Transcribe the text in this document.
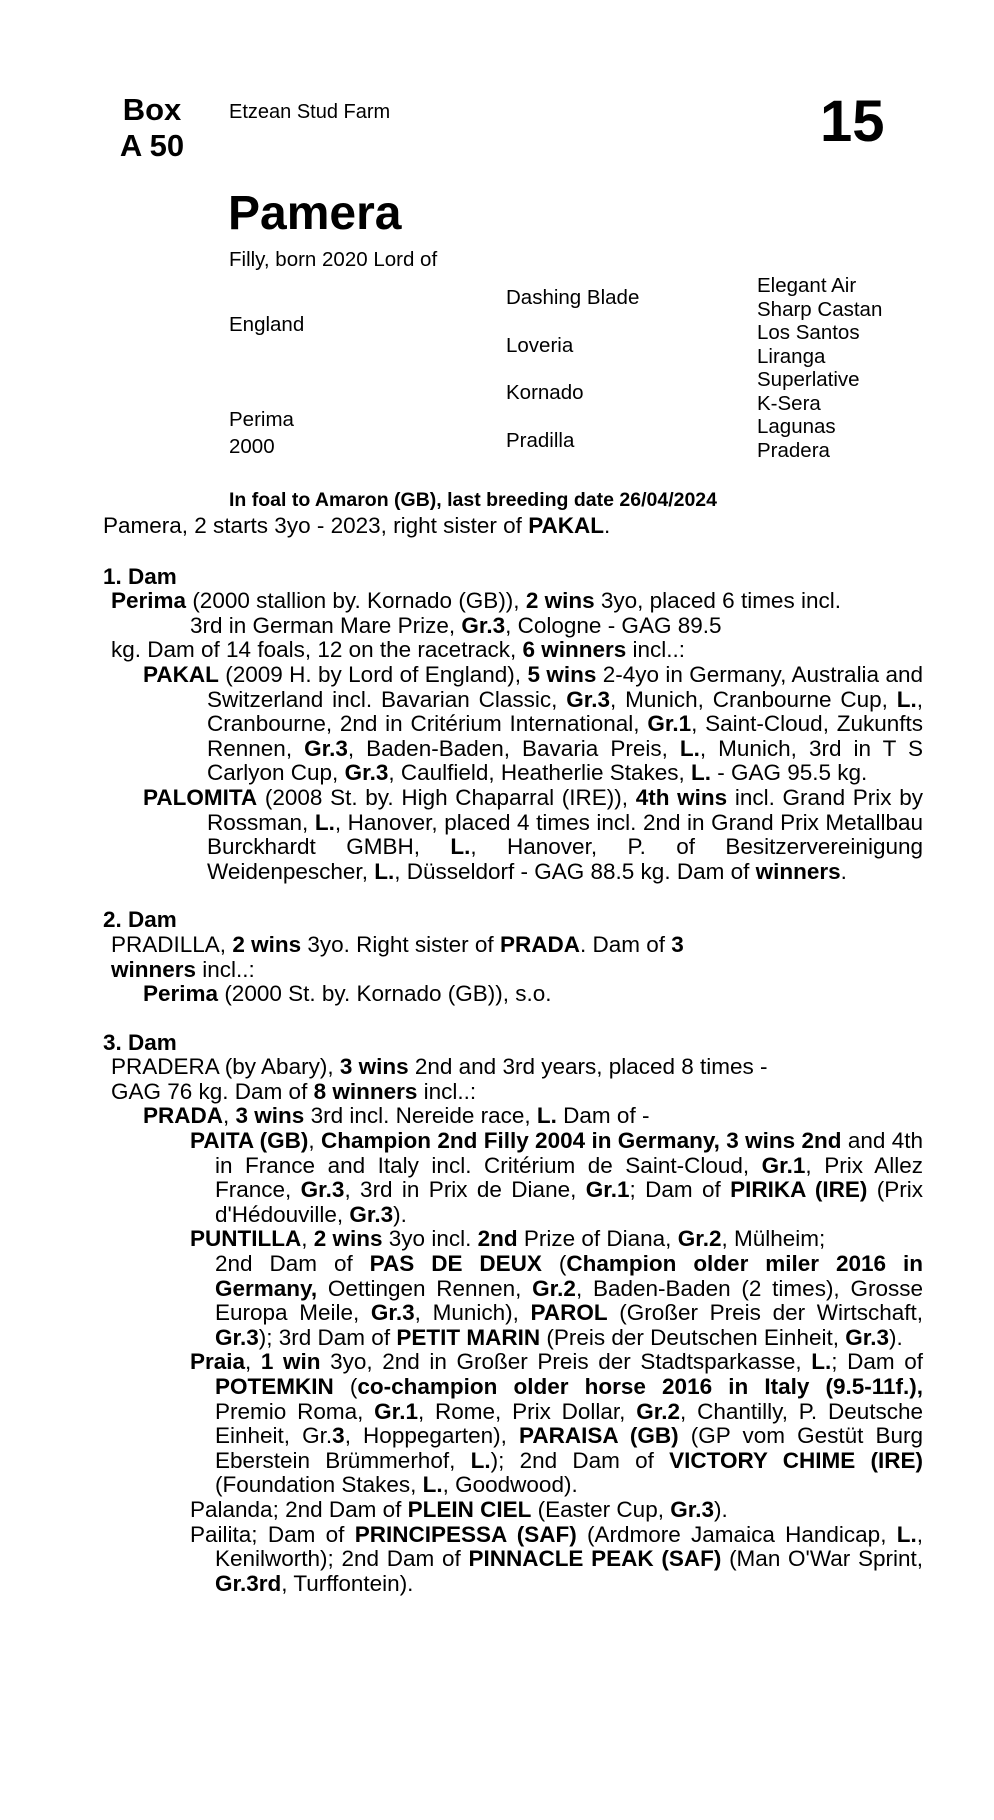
Box
A 50
Etzean Stud Farm	15
Pamera
Filly, born 2020 Lord of
England
Perima
2000
Dashing Blade
Loveria
Kornado
Pradilla
Elegant Air
Sharp Castan
Los Santos
Liranga
Superlative
K-Sera
Lagunas
Pradera
In foal to Amaron (GB), last breeding date 26/04/2024

Pamera, 2 starts 3yo - 2023, right sister of PAKAL.

1. Dam

Perima (2000 stallion by. Kornado (GB)), 2 wins 3yo, placed 6 times incl.

3rd in German Mare Prize, Gr.3, Cologne - GAG 89.5

kg. Dam of 14 foals, 12 on the racetrack, 6 winners incl..:

PAKAL (2009 H. by Lord of England), 5 wins 2-4yo in Germany, Australia and Switzerland incl. Bavarian Classic, Gr.3, Munich, Cranbourne Cup, L., Cranbourne, 2nd in Critérium International, Gr.1, Saint-Cloud, Zukunfts Rennen, Gr.3, Baden-Baden, Bavaria Preis, L., Munich, 3rd in T S Carlyon Cup, Gr.3, Caulfield, Heatherlie Stakes, L. - GAG 95.5 kg.

PALOMITA (2008 St. by. High Chaparral (IRE)), 4th wins incl. Grand Prix by Rossman, L., Hanover, placed 4 times incl. 2nd in Grand Prix Metallbau Burckhardt GMBH, L., Hanover, P. of Besitzervereinigung Weidenpescher, L., Düsseldorf - GAG 88.5 kg. Dam of winners.

2. Dam

PRADILLA, 2 wins 3yo. Right sister of PRADA. Dam of 3
winners incl..:

Perima (2000 St. by. Kornado (GB)), s.o.

3. Dam

PRADERA (by Abary), 3 wins 2nd and 3rd years, placed 8 times -
GAG 76 kg. Dam of 8 winners incl..:

PRADA, 3 wins 3rd incl. Nereide race, L. Dam of -

PAITA (GB), Champion 2nd Filly 2004 in Germany, 3 wins 2nd and 4th in France and Italy incl. Critérium de Saint-Cloud, Gr.1, Prix Allez France, Gr.3, 3rd in Prix de Diane, Gr.1; Dam of PIRIKA (IRE) (Prix d'Hédouville, Gr.3).

PUNTILLA, 2 wins 3yo incl. 2nd Prize of Diana, Gr.2, Mülheim;

2nd Dam of PAS DE DEUX (Champion older miler 2016 in Germany, Oettingen Rennen, Gr.2, Baden-Baden (2 times), Grosse Europa Meile, Gr.3, Munich), PAROL (Großer Preis der Wirtschaft, Gr.3); 3rd Dam of PETIT MARIN (Preis der Deutschen Einheit, Gr.3).

Praia, 1 win 3yo, 2nd in Großer Preis der Stadtsparkasse, L.; Dam of POTEMKIN (co-champion older horse 2016 in Italy (9.5-11f.), Premio Roma, Gr.1, Rome, Prix Dollar, Gr.2, Chantilly, P. Deutsche Einheit, Gr.3, Hoppegarten), PARAISA (GB) (GP vom Gestüt Burg Eberstein Brümmerhof, L.); 2nd Dam of VICTORY CHIME (IRE) (Foundation Stakes, L., Goodwood).

Palanda; 2nd Dam of PLEIN CIEL (Easter Cup, Gr.3).

Pailita; Dam of PRINCIPESSA (SAF) (Ardmore Jamaica Handicap, L., Kenilworth); 2nd Dam of PINNACLE PEAK (SAF) (Man O'War Sprint, Gr.3rd, Turffontein).
